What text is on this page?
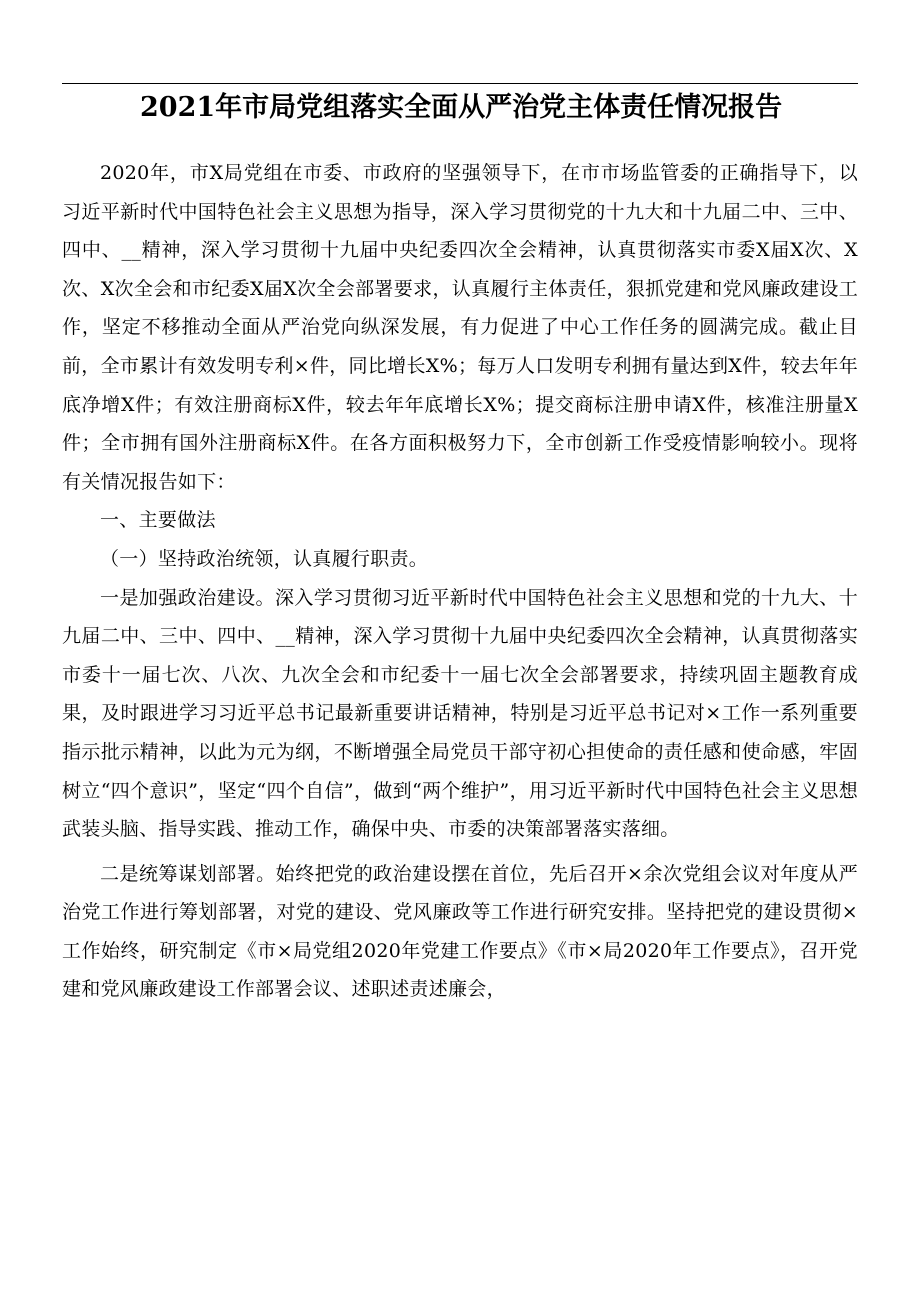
2021年市局党组落实全面从严治党主体责任情况报告

2020年，市X局党组在市委、市政府的坚强领导下，在市市场监管委的正确指导下，以习近平新时代中国特色社会主义思想为指导，深入学习贯彻党的十九大和十九届二中、三中、四中、__精神，深入学习贯彻十九届中央纪委四次全会精神，认真贯彻落实市委X届X次、X次、X次全会和市纪委X届X次全会部署要求，认真履行主体责任，狠抓党建和党风廉政建设工作，坚定不移推动全面从严治党向纵深发展，有力促进了中心工作任务的圆满完成。截止目前，全市累计有效发明专利×件，同比增长X%；每万人口发明专利拥有量达到X件，较去年年底净增X件；有效注册商标X件，较去年年底增长X%；提交商标注册申请X件，核准注册量X件；全市拥有国外注册商标X件。在各方面积极努力下，全市创新工作受疫情影响较小。现将有关情况报告如下：

一、主要做法

（一）坚持政治统领，认真履行职责。

一是加强政治建设。深入学习贯彻习近平新时代中国特色社会主义思想和党的十九大、十九届二中、三中、四中、__精神，深入学习贯彻十九届中央纪委四次全会精神，认真贯彻落实市委十一届七次、八次、九次全会和市纪委十一届七次全会部署要求，持续巩固主题教育成果，及时跟进学习习近平总书记最新重要讲话精神，特别是习近平总书记对×工作一系列重要指示批示精神，以此为元为纲，不断增强全局党员干部守初心担使命的责任感和使命感，牢固树立“四个意识”，坚定“四个自信”，做到“两个维护”，用习近平新时代中国特色社会主义思想武装头脑、指导实践、推动工作，确保中央、市委的决策部署落实落细。

二是统筹谋划部署。始终把党的政治建设摆在首位，先后召开×余次党组会议对年度从严治党工作进行筹划部署，对党的建设、党风廉政等工作进行研究安排。坚持把党的建设贯彻×工作始终，研究制定《市×局党组2020年党建工作要点》《市×局2020年工作要点》，召开党建和党风廉政建设工作部署会议、述职述责述廉会，
